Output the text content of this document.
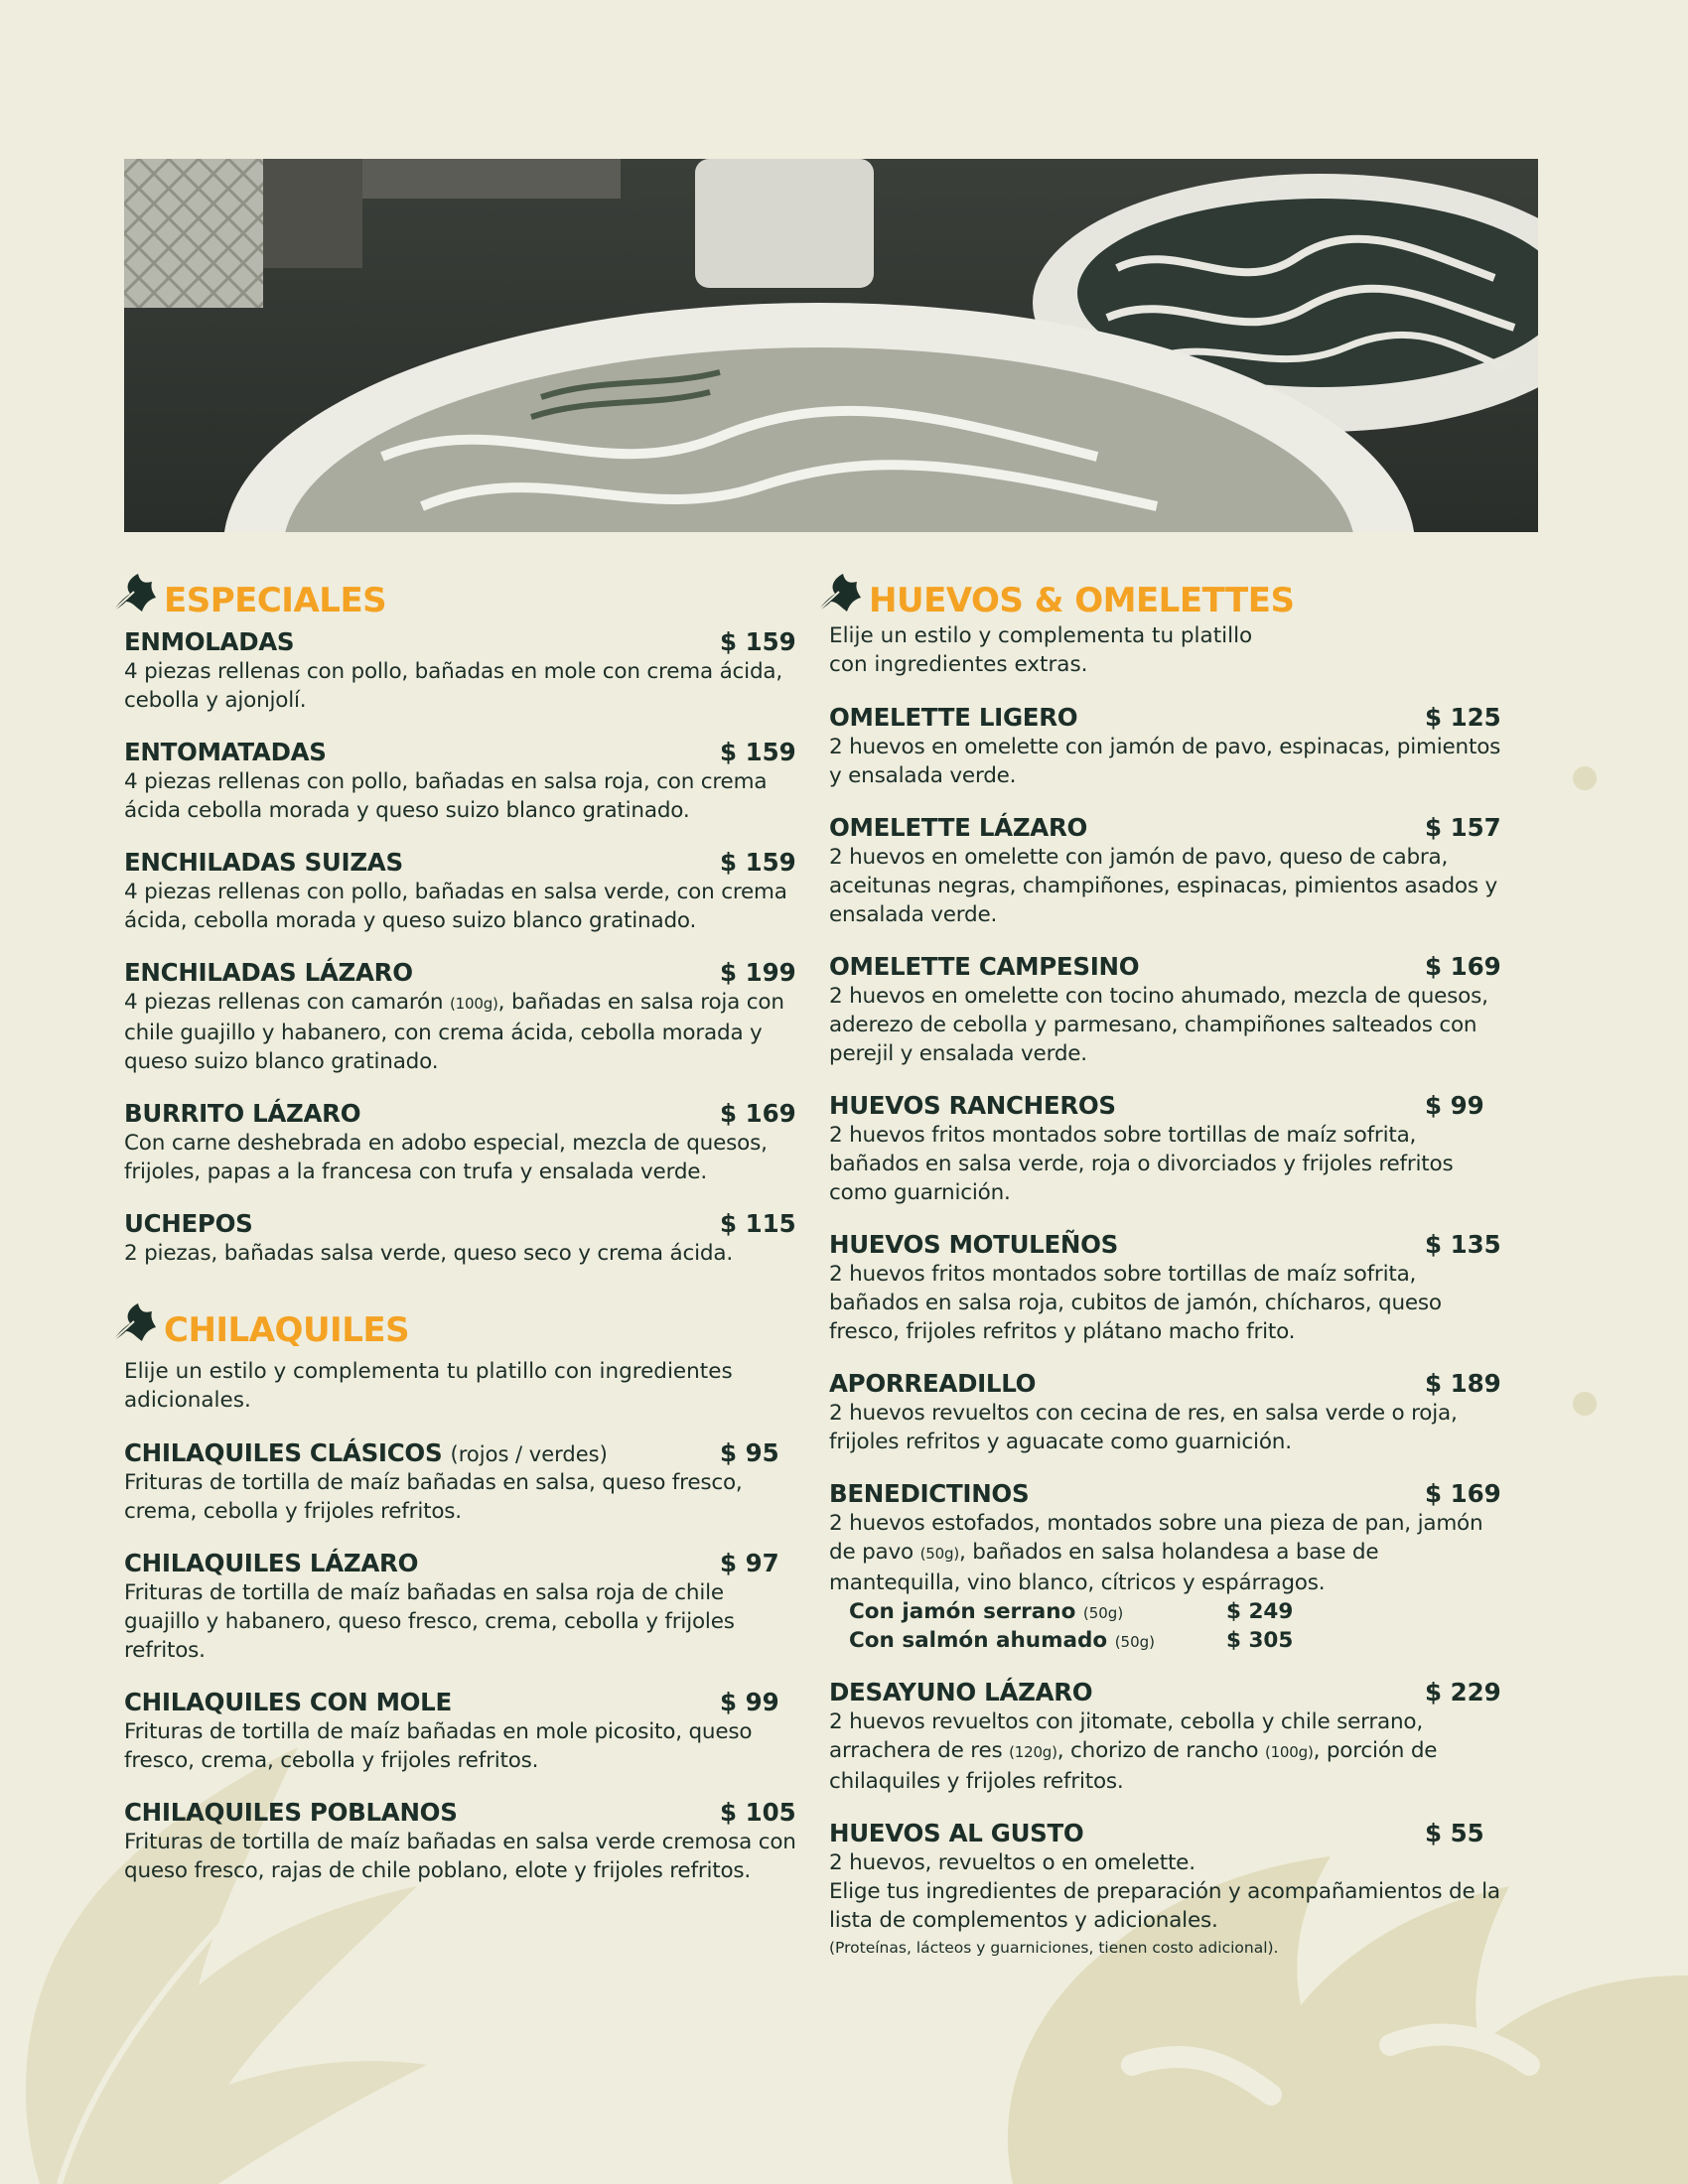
ESPECIALES
ENMOLADAS	$ 159
4 piezas rellenas con pollo, bañadas en mole con crema ácida, cebolla y ajonjolí.
ENTOMATADAS	$ 159
4 piezas rellenas con pollo, bañadas en salsa roja, con crema ácida cebolla morada y queso suizo blanco gratinado.
ENCHILADAS SUIZAS	$ 159
4 piezas rellenas con pollo, bañadas en salsa verde, con crema ácida, cebolla morada y queso suizo blanco gratinado.
ENCHILADAS LÁZARO	$ 199
4 piezas rellenas con camarón (100g), bañadas en salsa roja con chile guajillo y habanero, con crema ácida, cebolla morada y queso suizo blanco gratinado.
BURRITO LÁZARO	$ 169
Con carne deshebrada en adobo especial, mezcla de quesos, frijoles, papas a la francesa con trufa y ensalada verde.
UCHEPOS	$ 115
2 piezas, bañadas salsa verde, queso seco y crema ácida.
CHILAQUILES
Elije un estilo y complementa tu platillo con ingredientes adicionales.
CHILAQUILES CLÁSICOS (rojos / verdes)	$ 95
Frituras de tortilla de maíz bañadas en salsa, queso fresco, crema, cebolla y frijoles refritos.
CHILAQUILES LÁZARO	$ 97
Frituras de tortilla de maíz bañadas en salsa roja de chile guajillo y habanero, queso fresco, crema, cebolla y frijoles refritos.
CHILAQUILES CON MOLE	$ 99
Frituras de tortilla de maíz bañadas en mole picosito, queso fresco, crema, cebolla y frijoles refritos.
CHILAQUILES POBLANOS	$ 105
Frituras de tortilla de maíz bañadas en salsa verde cremosa con queso fresco, rajas de chile poblano, elote y frijoles refritos.
HUEVOS & OMELETTES
Elije un estilo y complementa tu platillo con ingredientes extras.
OMELETTE LIGERO	$ 125
2 huevos en omelette con jamón de pavo, espinacas, pimientos y ensalada verde.
OMELETTE LÁZARO	$ 157
2 huevos en omelette con jamón de pavo, queso de cabra, aceitunas negras, champiñones, espinacas, pimientos asados y ensalada verde.
OMELETTE CAMPESINO	$ 169
2 huevos en omelette con tocino ahumado, mezcla de quesos, aderezo de cebolla y parmesano, champiñones salteados con perejil y ensalada verde.
HUEVOS RANCHEROS	$ 99
2 huevos fritos montados sobre tortillas de maíz sofrita, bañados en salsa verde, roja o divorciados y frijoles refritos como guarnición.
HUEVOS MOTULEÑOS	$ 135
2 huevos fritos montados sobre tortillas de maíz sofrita, bañados en salsa roja, cubitos de jamón, chícharos, queso fresco, frijoles refritos y plátano macho frito.
APORREADILLO	$ 189
2 huevos revueltos con cecina de res, en salsa verde o roja, frijoles refritos y aguacate como guarnición.
BENEDICTINOS	$ 169
2 huevos estofados, montados sobre una pieza de pan, jamón de pavo (50g), bañados en salsa holandesa a base de mantequilla, vino blanco, cítricos y espárragos.
Con jamón serrano (50g)	$ 249
Con salmón ahumado (50g)	$ 305
DESAYUNO LÁZARO	$ 229
2 huevos revueltos con jitomate, cebolla y chile serrano, arrachera de res (120g), chorizo de rancho (100g), porción de chilaquiles y frijoles refritos.
HUEVOS AL GUSTO	$ 55
2 huevos, revueltos o en omelette.
Elige tus ingredientes de preparación y acompañamientos de la lista de complementos y adicionales.
(Proteínas, lácteos y guarniciones, tienen costo adicional).
